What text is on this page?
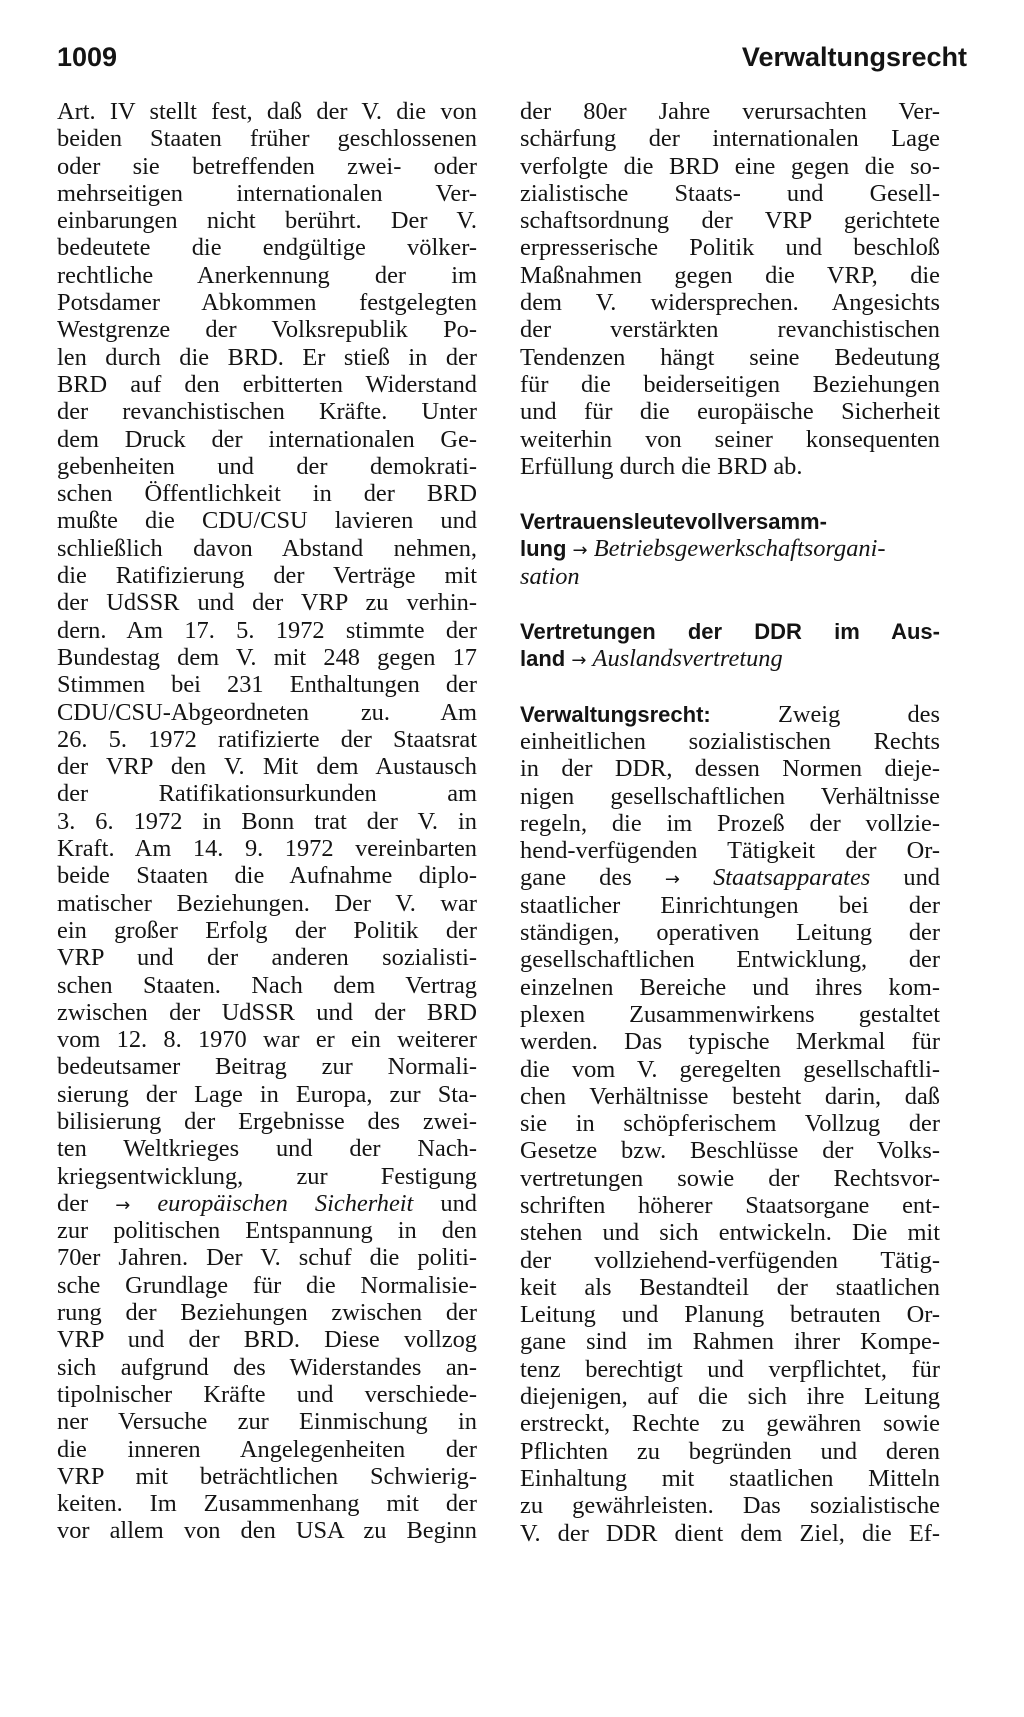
1009	Verwaltungsrecht
Art. IV stellt fest, daß der V. die von
beiden Staaten früher geschlossenen
oder sie betreffenden zwei- oder
mehrseitigen internationalen Ver-
einbarungen nicht berührt. Der V.
bedeutete die endgültige völker-
rechtliche Anerkennung der im
Potsdamer Abkommen festgelegten
Westgrenze der Volksrepublik Po-
len durch die BRD. Er stieß in der
BRD auf den erbitterten Widerstand
der revanchistischen Kräfte. Unter
dem Druck der internationalen Ge-
gebenheiten und der demokrati-
schen Öffentlichkeit in der BRD
mußte die CDU/CSU lavieren und
schließlich davon Abstand nehmen,
die Ratifizierung der Verträge mit
der UdSSR und der VRP zu verhin-
dern. Am 17. 5. 1972 stimmte der
Bundestag dem V. mit 248 gegen 17
Stimmen bei 231 Enthaltungen der
CDU/CSU-Abgeordneten zu. Am
26. 5. 1972 ratifizierte der Staatsrat
der VRP den V. Mit dem Austausch
der Ratifikationsurkunden am
3. 6. 1972 in Bonn trat der V. in
Kraft. Am 14. 9. 1972 vereinbarten
beide Staaten die Aufnahme diplo-
matischer Beziehungen. Der V. war
ein großer Erfolg der Politik der
VRP und der anderen sozialisti-
schen Staaten. Nach dem Vertrag
zwischen der UdSSR und der BRD
vom 12. 8. 1970 war er ein weiterer
bedeutsamer Beitrag zur Normali-
sierung der Lage in Europa, zur Sta-
bilisierung der Ergebnisse des zwei-
ten Weltkrieges und der Nach-
kriegsentwicklung, zur Festigung
der → europäischen Sicherheit und
zur politischen Entspannung in den
70er Jahren. Der V. schuf die politi-
sche Grundlage für die Normalisie-
rung der Beziehungen zwischen der
VRP und der BRD. Diese vollzog
sich aufgrund des Widerstandes an-
tipolnischer Kräfte und verschiede-
ner Versuche zur Einmischung in
die inneren Angelegenheiten der
VRP mit beträchtlichen Schwierig-
keiten. Im Zusammenhang mit der
vor allem von den USA zu Beginn
der 80er Jahre verursachten Ver-
schärfung der internationalen Lage
verfolgte die BRD eine gegen die so-
zialistische Staats- und Gesell-
schaftsordnung der VRP gerichtete
erpresserische Politik und beschloß
Maßnahmen gegen die VRP, die
dem V. widersprechen. Angesichts
der verstärkten revanchistischen
Tendenzen hängt seine Bedeutung
für die beiderseitigen Beziehungen
und für die europäische Sicherheit
weiterhin von seiner konsequenten
Erfüllung durch die BRD ab.
Vertrauensleutevollversamm-
lung → Betriebsgewerkschaftsorgani-
sation
Vertretungen der DDR im Aus-
land → Auslandsvertretung
Verwaltungsrecht:	Zweig des
einheitlichen sozialistischen Rechts
in der DDR, dessen Normen dieje-
nigen gesellschaftlichen Verhältnisse
regeln, die im Prozeß der vollzie-
hend-verfügenden Tätigkeit der Or-
gane des → Staatsapparates und
staatlicher Einrichtungen bei der
ständigen, operativen Leitung der
gesellschaftlichen Entwicklung, der
einzelnen Bereiche und ihres kom-
plexen Zusammenwirkens gestaltet
werden. Das typische Merkmal für
die vom V. geregelten gesellschaftli-
chen Verhältnisse besteht darin, daß
sie in schöpferischem Vollzug der
Gesetze bzw. Beschlüsse der Volks-
vertretungen sowie der Rechtsvor-
schriften höherer Staatsorgane ent-
stehen und sich entwickeln. Die mit
der vollziehend-verfügenden Tätig-
keit als Bestandteil der staatlichen
Leitung und Planung betrauten Or-
gane sind im Rahmen ihrer Kompe-
tenz berechtigt und verpflichtet, für
diejenigen, auf die sich ihre Leitung
erstreckt, Rechte zu gewähren sowie
Pflichten zu begründen und deren
Einhaltung mit staatlichen Mitteln
zu gewährleisten. Das sozialistische
V. der DDR dient dem Ziel, die Ef-
